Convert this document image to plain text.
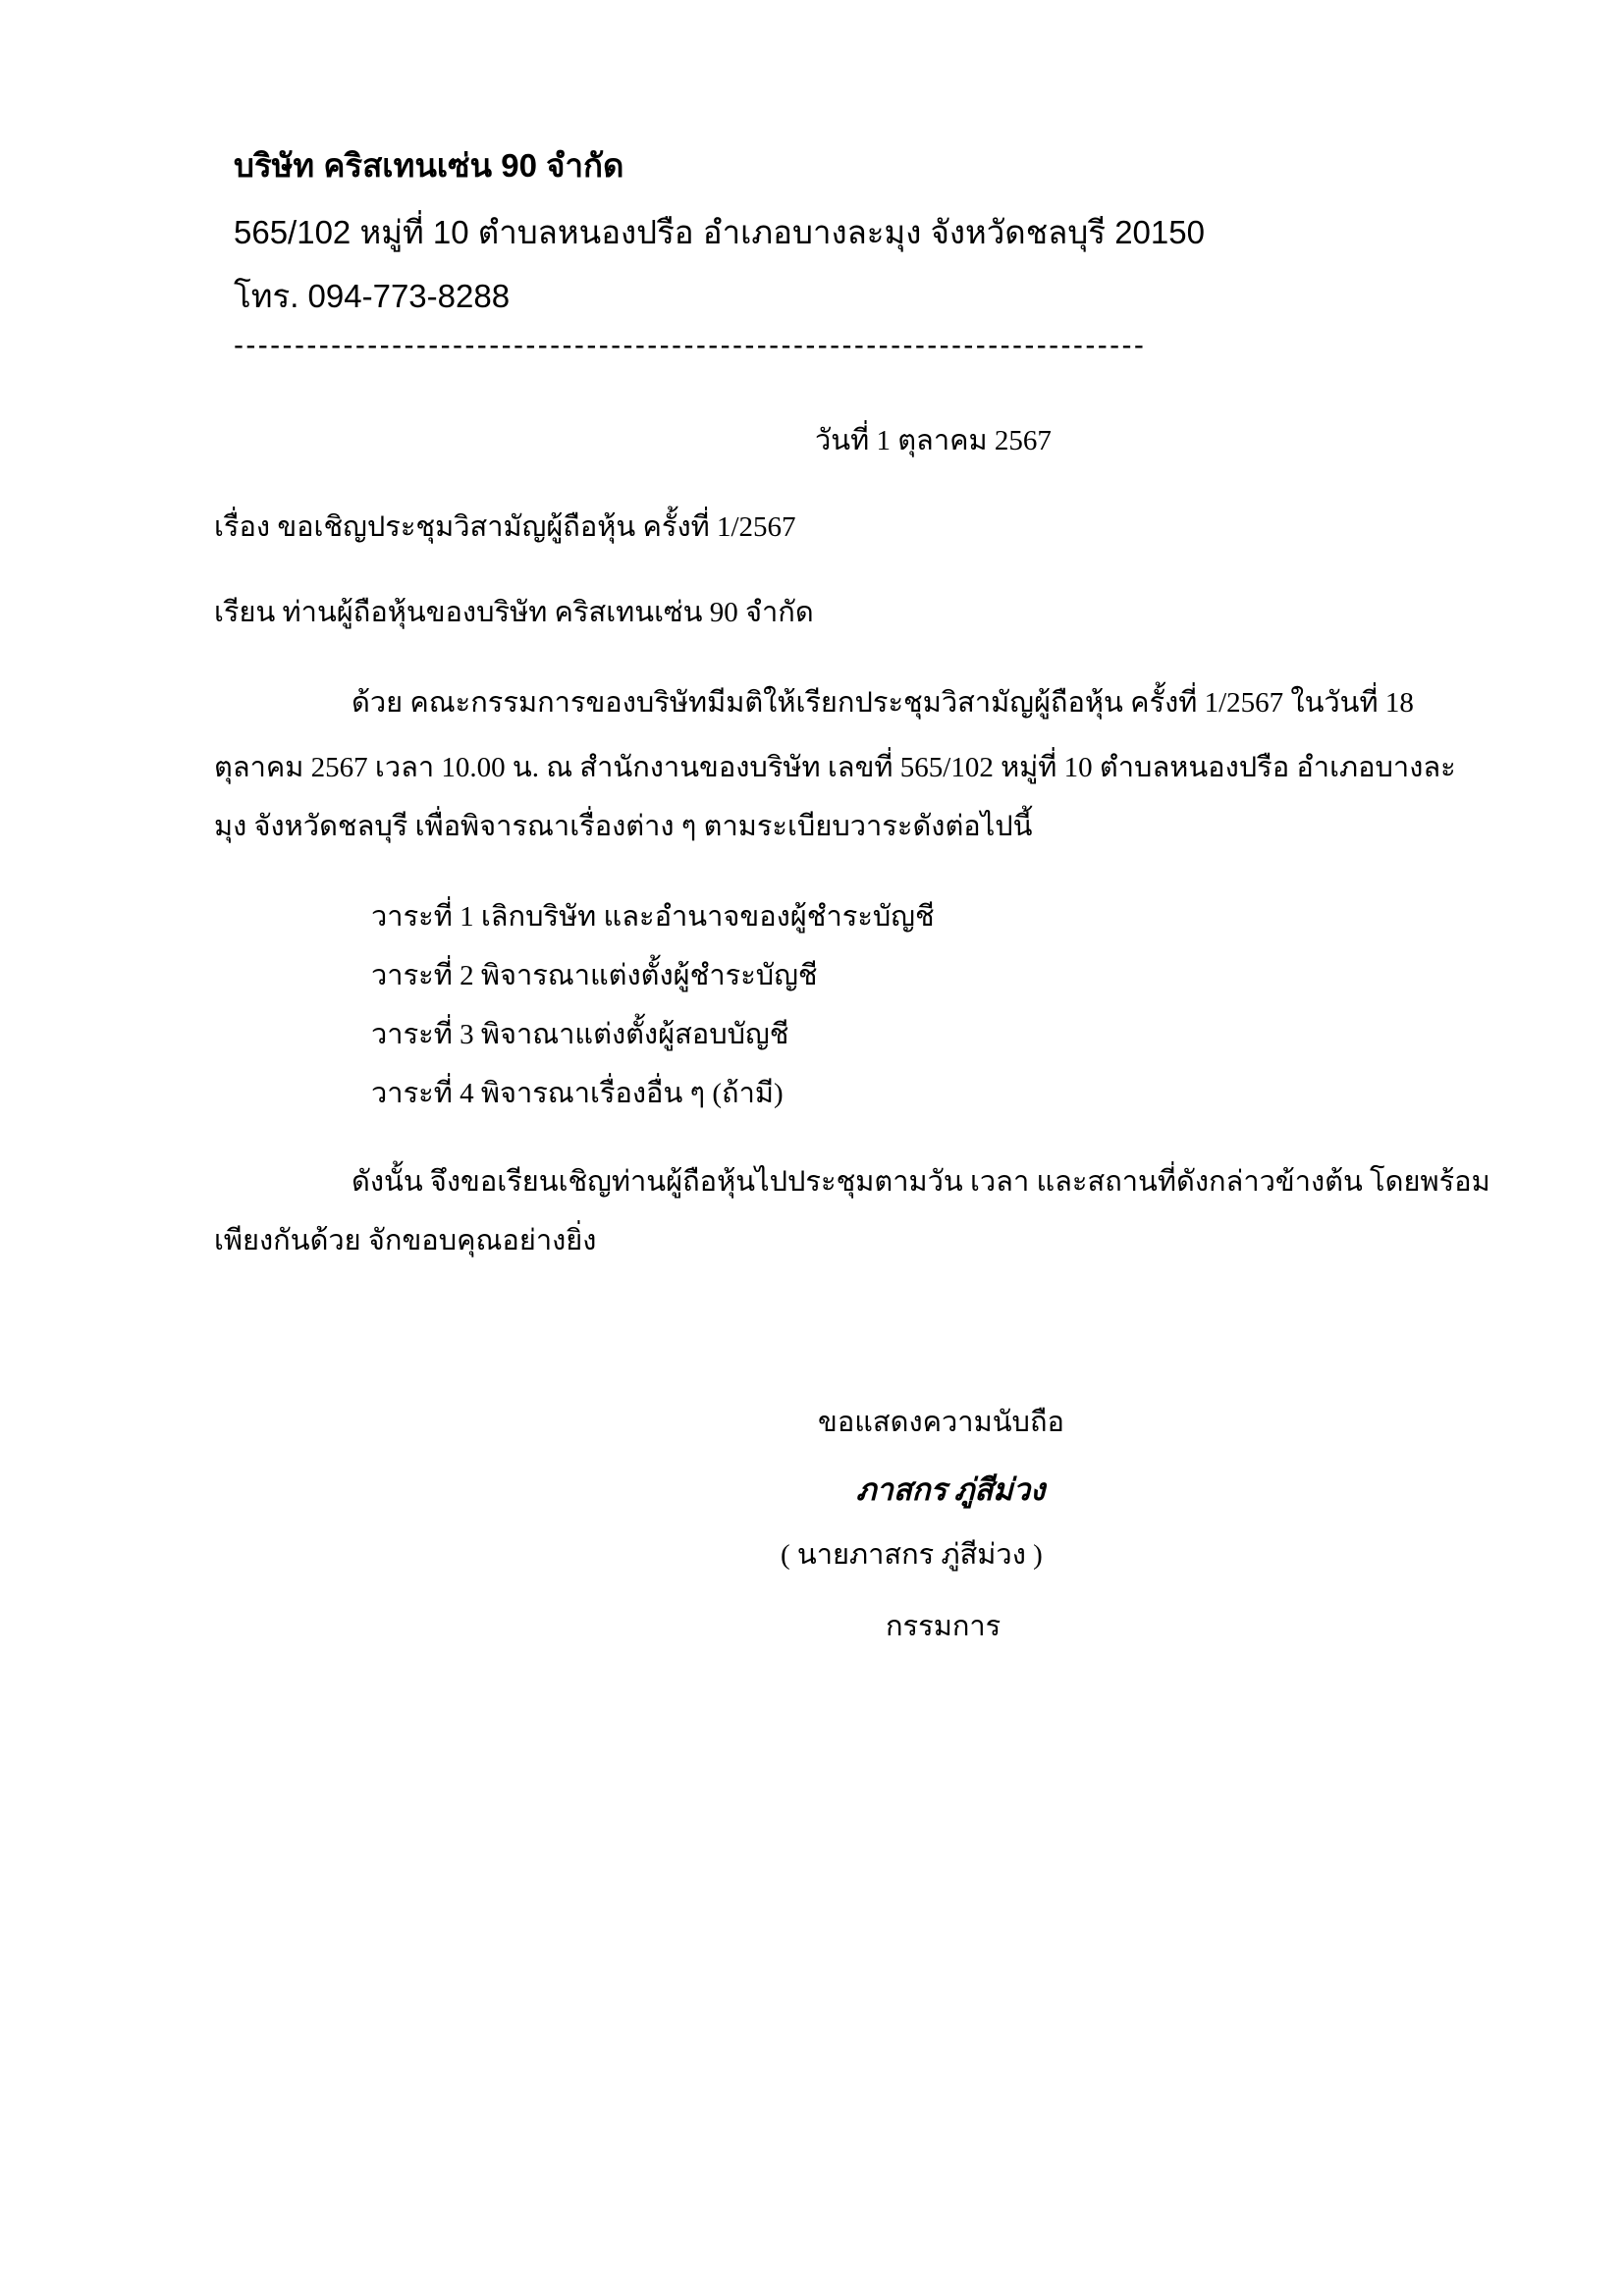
บริษัท คริสเทนเซ่น 90 จำกัด
565/102 หมู่ที่ 10 ตำบลหนองปรือ อำเภอบางละมุง จังหวัดชลบุรี 20150
โทร. 094-773-8288
---------------------------------------------------------------------------
วันที่ 1 ตุลาคม 2567
เรื่อง ขอเชิญประชุมวิสามัญผู้ถือหุ้น ครั้งที่ 1/2567
เรียน ท่านผู้ถือหุ้นของบริษัท คริสเทนเซ่น 90 จำกัด
ด้วย คณะกรรมการของบริษัทมีมติให้เรียกประชุมวิสามัญผู้ถือหุ้น ครั้งที่ 1/2567 ในวันที่ 18
ตุลาคม 2567 เวลา 10.00 น. ณ สำนักงานของบริษัท เลขที่ 565/102 หมู่ที่ 10 ตำบลหนองปรือ อำเภอบางละ
มุง จังหวัดชลบุรี เพื่อพิจารณาเรื่องต่าง ๆ ตามระเบียบวาระดังต่อไปนี้
วาระที่ 1 เลิกบริษัท และอำนาจของผู้ชำระบัญชี
วาระที่ 2 พิจารณาแต่งตั้งผู้ชำระบัญชี
วาระที่ 3 พิจาณาแต่งตั้งผู้สอบบัญชี
วาระที่ 4 พิจารณาเรื่องอื่น ๆ (ถ้ามี)
ดังนั้น จึงขอเรียนเชิญท่านผู้ถือหุ้นไปประชุมตามวัน เวลา และสถานที่ดังกล่าวข้างต้น โดยพร้อม
เพียงกันด้วย จักขอบคุณอย่างยิ่ง
ขอแสดงความนับถือ
ภาสกร ภู่สีม่วง
( นายภาสกร ภู่สีม่วง )
กรรมการ
